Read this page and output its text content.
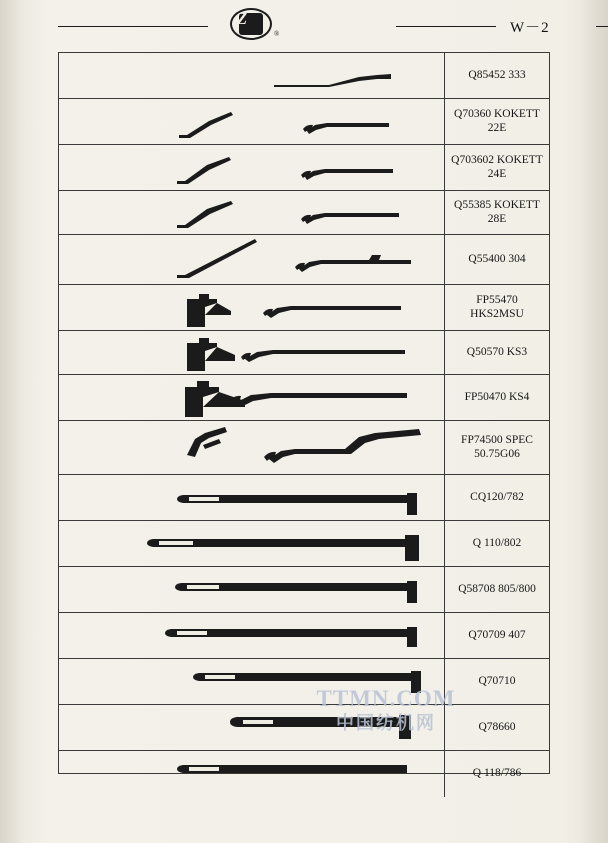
Z
®	W－2
Q85452 333
Q70360 KOKETT 22E
Q703602 KOKETT 24E
Q55385 KOKETT 28E
Q55400 304
FP55470 HKS2MSU
Q50570 KS3
FP50470 KS4
FP74500 SPEC 50.75G06
CQ120/782
Q 110/802
Q58708 805/800
Q70709 407
Q70710
Q78660
Q 118/786
TTMN.COM
中国纺机网
